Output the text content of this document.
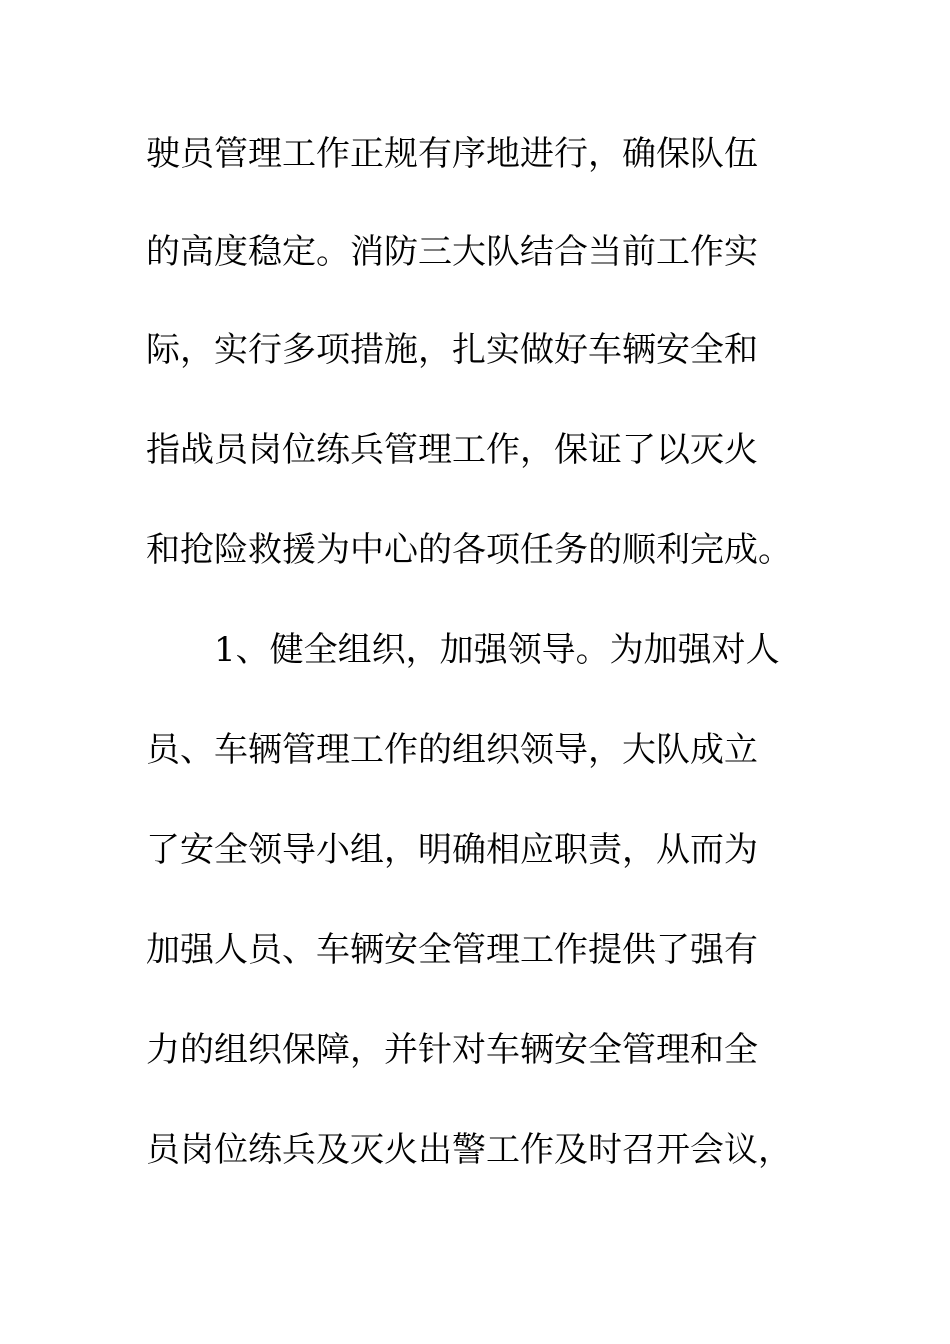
驶员管理工作正规有序地进行，确保队伍
的高度稳定。消防三大队结合当前工作实
际，实行多项措施，扎实做好车辆安全和
指战员岗位练兵管理工作，保证了以灭火
和抢险救援为中心的各项任务的顺利完成。
1、健全组织，加强领导。为加强对人
员、车辆管理工作的组织领导，大队成立
了安全领导小组，明确相应职责，从而为
加强人员、车辆安全管理工作提供了强有
力的组织保障，并针对车辆安全管理和全
员岗位练兵及灭火出警工作及时召开会议，
